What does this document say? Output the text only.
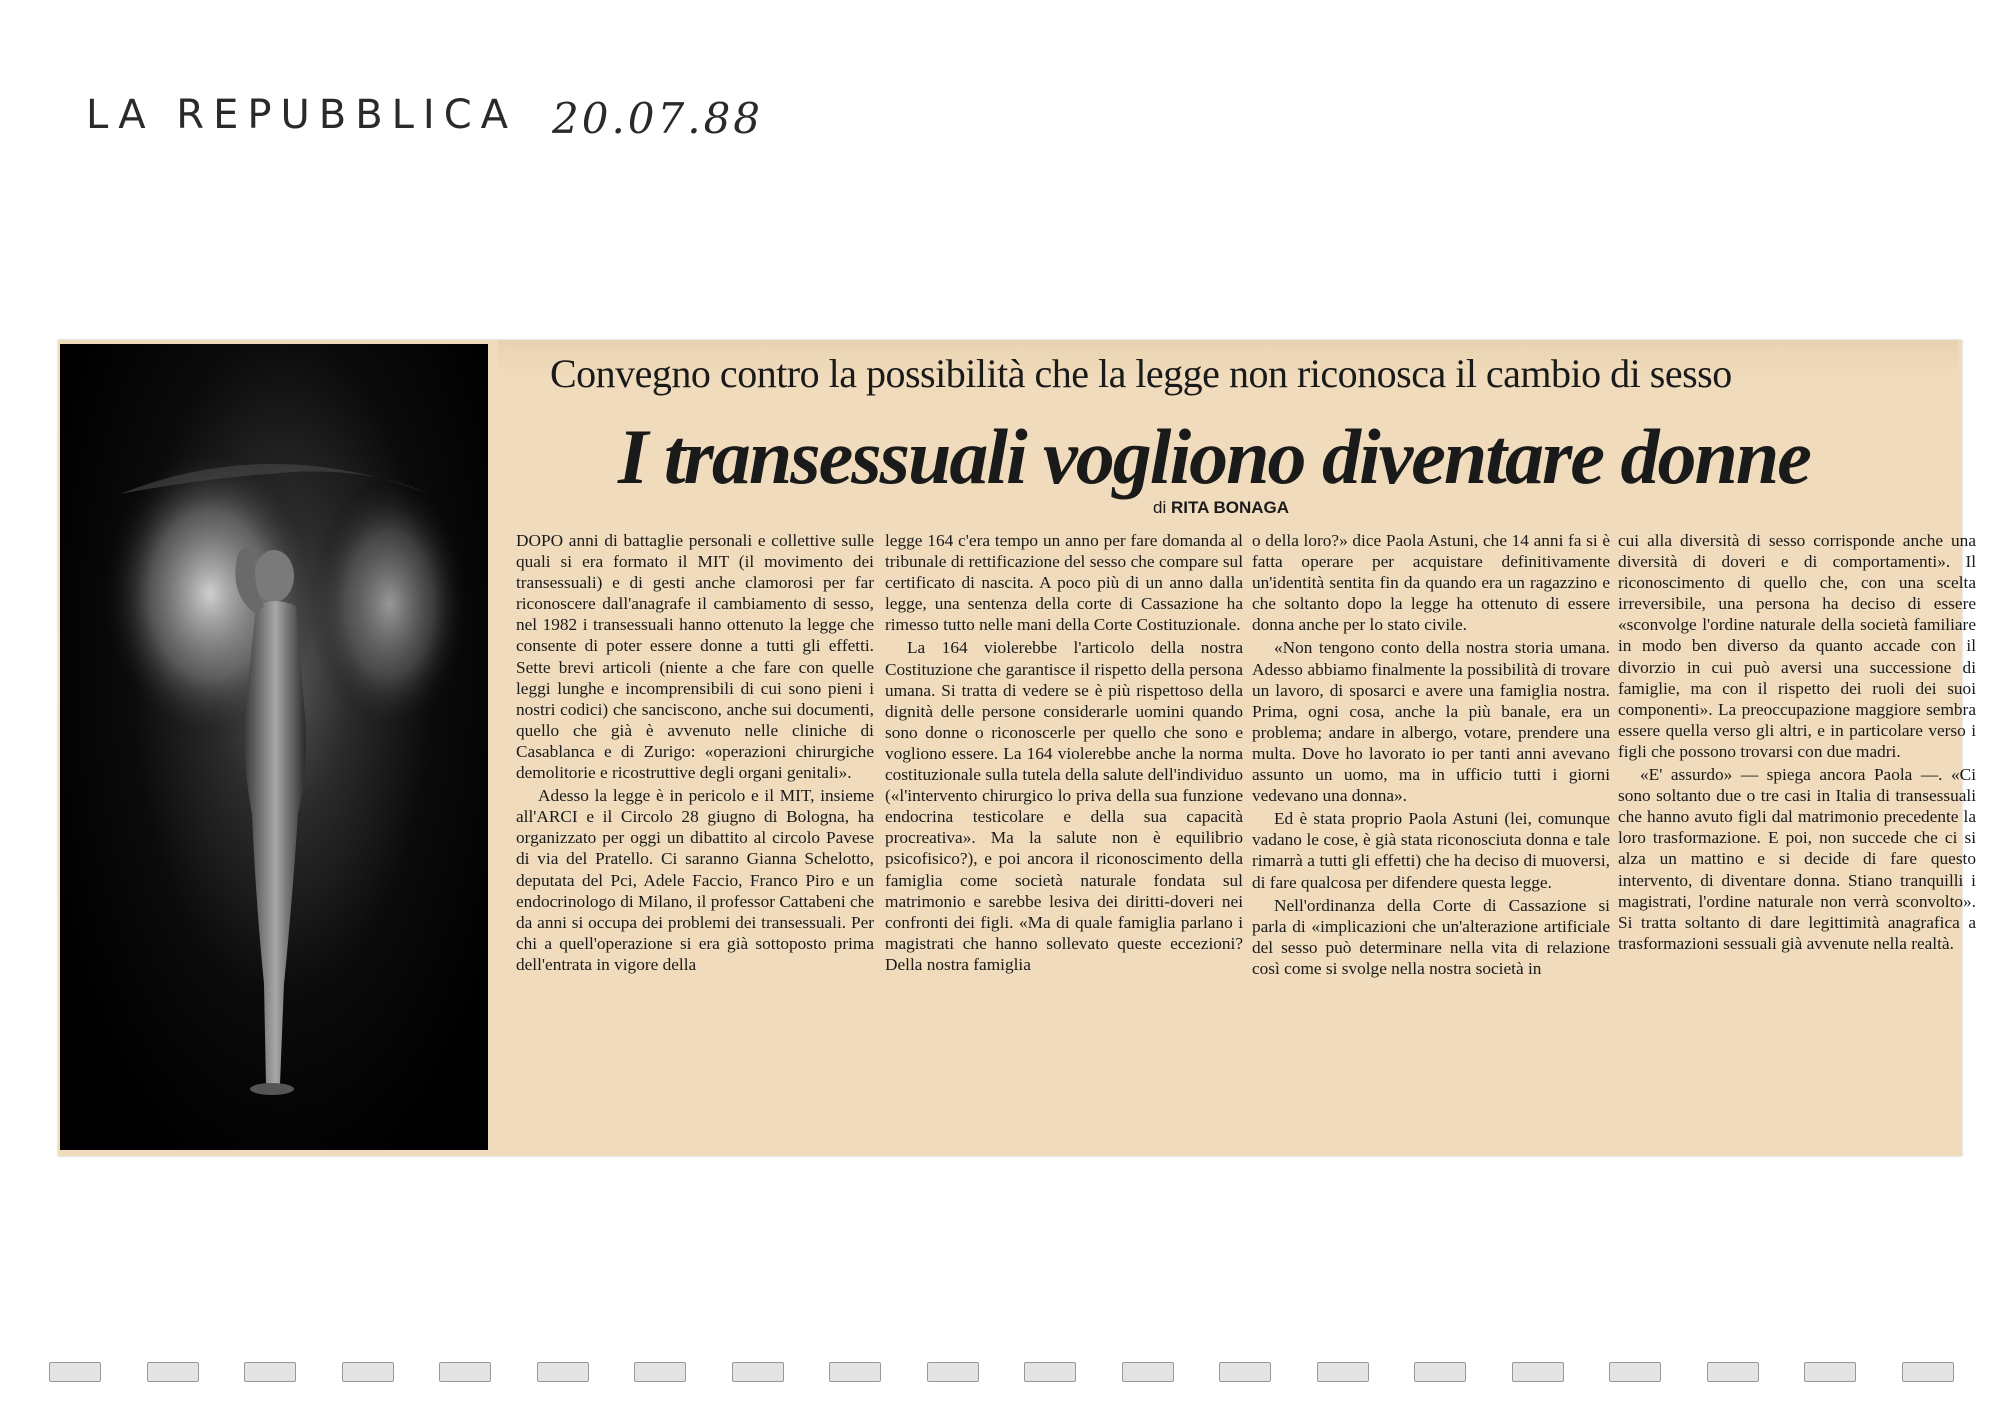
LA REPUBBLICA 20.07.88
Convegno contro la possibilità che la legge non riconosca il cambio di sesso
I transessuali vogliono diventare donne
di RITA BONAGA

DOPO anni di battaglie personali e collettive sulle quali si era formato il MIT (il movimento dei transessuali) e di gesti anche clamorosi per far riconoscere dall'anagrafe il cambiamento di sesso, nel 1982 i transessuali hanno ottenuto la legge che consente di poter essere donne a tutti gli effetti. Sette brevi articoli (niente a che fare con quelle leggi lunghe e incomprensibili di cui sono pieni i nostri codici) che sanciscono, anche sui documenti, quello che già è avvenuto nelle cliniche di Casablanca e di Zurigo: «operazioni chirurgiche demolitorie e ricostruttive degli organi genitali».

Adesso la legge è in pericolo e il MIT, insieme all'ARCI e il Circolo 28 giugno di Bologna, ha organizzato per oggi un dibattito al circolo Pavese di via del Pratello. Ci saranno Gianna Schelotto, deputata del Pci, Adele Faccio, Franco Piro e un endocrinologo di Milano, il professor Cattabeni che da anni si occupa dei problemi dei transessuali. Per chi a quell'operazione si era già sottoposto prima dell'entrata in vigore della

legge 164 c'era tempo un anno per fare domanda al tribunale di rettificazione del sesso che compare sul certificato di nascita. A poco più di un anno dalla legge, una sentenza della corte di Cassazione ha rimesso tutto nelle mani della Corte Costituzionale.

La 164 violerebbe l'articolo della nostra Costituzione che garantisce il rispetto della persona umana. Si tratta di vedere se è più rispettoso della dignità delle persone considerarle uomini quando sono donne o riconoscerle per quello che sono e vogliono essere. La 164 violerebbe anche la norma costituzionale sulla tutela della salute dell'individuo («l'intervento chirurgico lo priva della sua funzione endocrina testicolare e della sua capacità procreativa». Ma la salute non è equilibrio psicofisico?), e poi ancora il riconoscimento della famiglia come società naturale fondata sul matrimonio e sarebbe lesiva dei diritti-doveri nei confronti dei figli. «Ma di quale famiglia parlano i magistrati che hanno sollevato queste eccezioni? Della nostra famiglia

o della loro?» dice Paola Astuni, che 14 anni fa si è fatta operare per acquistare definitivamente un'identità sentita fin da quando era un ragazzino e che soltanto dopo la legge ha ottenuto di essere donna anche per lo stato civile.

«Non tengono conto della nostra storia umana. Adesso abbiamo finalmente la possibilità di trovare un lavoro, di sposarci e avere una famiglia nostra. Prima, ogni cosa, anche la più banale, era un problema; andare in albergo, votare, prendere una multa. Dove ho lavorato io per tanti anni avevano assunto un uomo, ma in ufficio tutti i giorni vedevano una donna».

Ed è stata proprio Paola Astuni (lei, comunque vadano le cose, è già stata riconosciuta donna e tale rimarrà a tutti gli effetti) che ha deciso di muoversi, di fare qualcosa per difendere questa legge.

Nell'ordinanza della Corte di Cassazione si parla di «implicazioni che un'alterazione artificiale del sesso può determinare nella vita di relazione così come si svolge nella nostra società in

cui alla diversità di sesso corrisponde anche una diversità di doveri e di comportamenti». Il riconoscimento di quello che, con una scelta irreversibile, una persona ha deciso di essere «sconvolge l'ordine naturale della società familiare in modo ben diverso da quanto accade con il divorzio in cui può aversi una successione di famiglie, ma con il rispetto dei ruoli dei suoi componenti». La preoccupazione maggiore sembra essere quella verso gli altri, e in particolare verso i figli che possono trovarsi con due madri.

«E' assurdo» — spiega ancora Paola —. «Ci sono soltanto due o tre casi in Italia di transessuali che hanno avuto figli dal matrimonio precedente la loro trasformazione. E poi, non succede che ci si alza un mattino e si decide di fare questo intervento, di diventare donna. Stiano tranquilli i magistrati, l'ordine naturale non verrà sconvolto». Si tratta soltanto di dare legittimità anagrafica a trasformazioni sessuali già avvenute nella realtà.
